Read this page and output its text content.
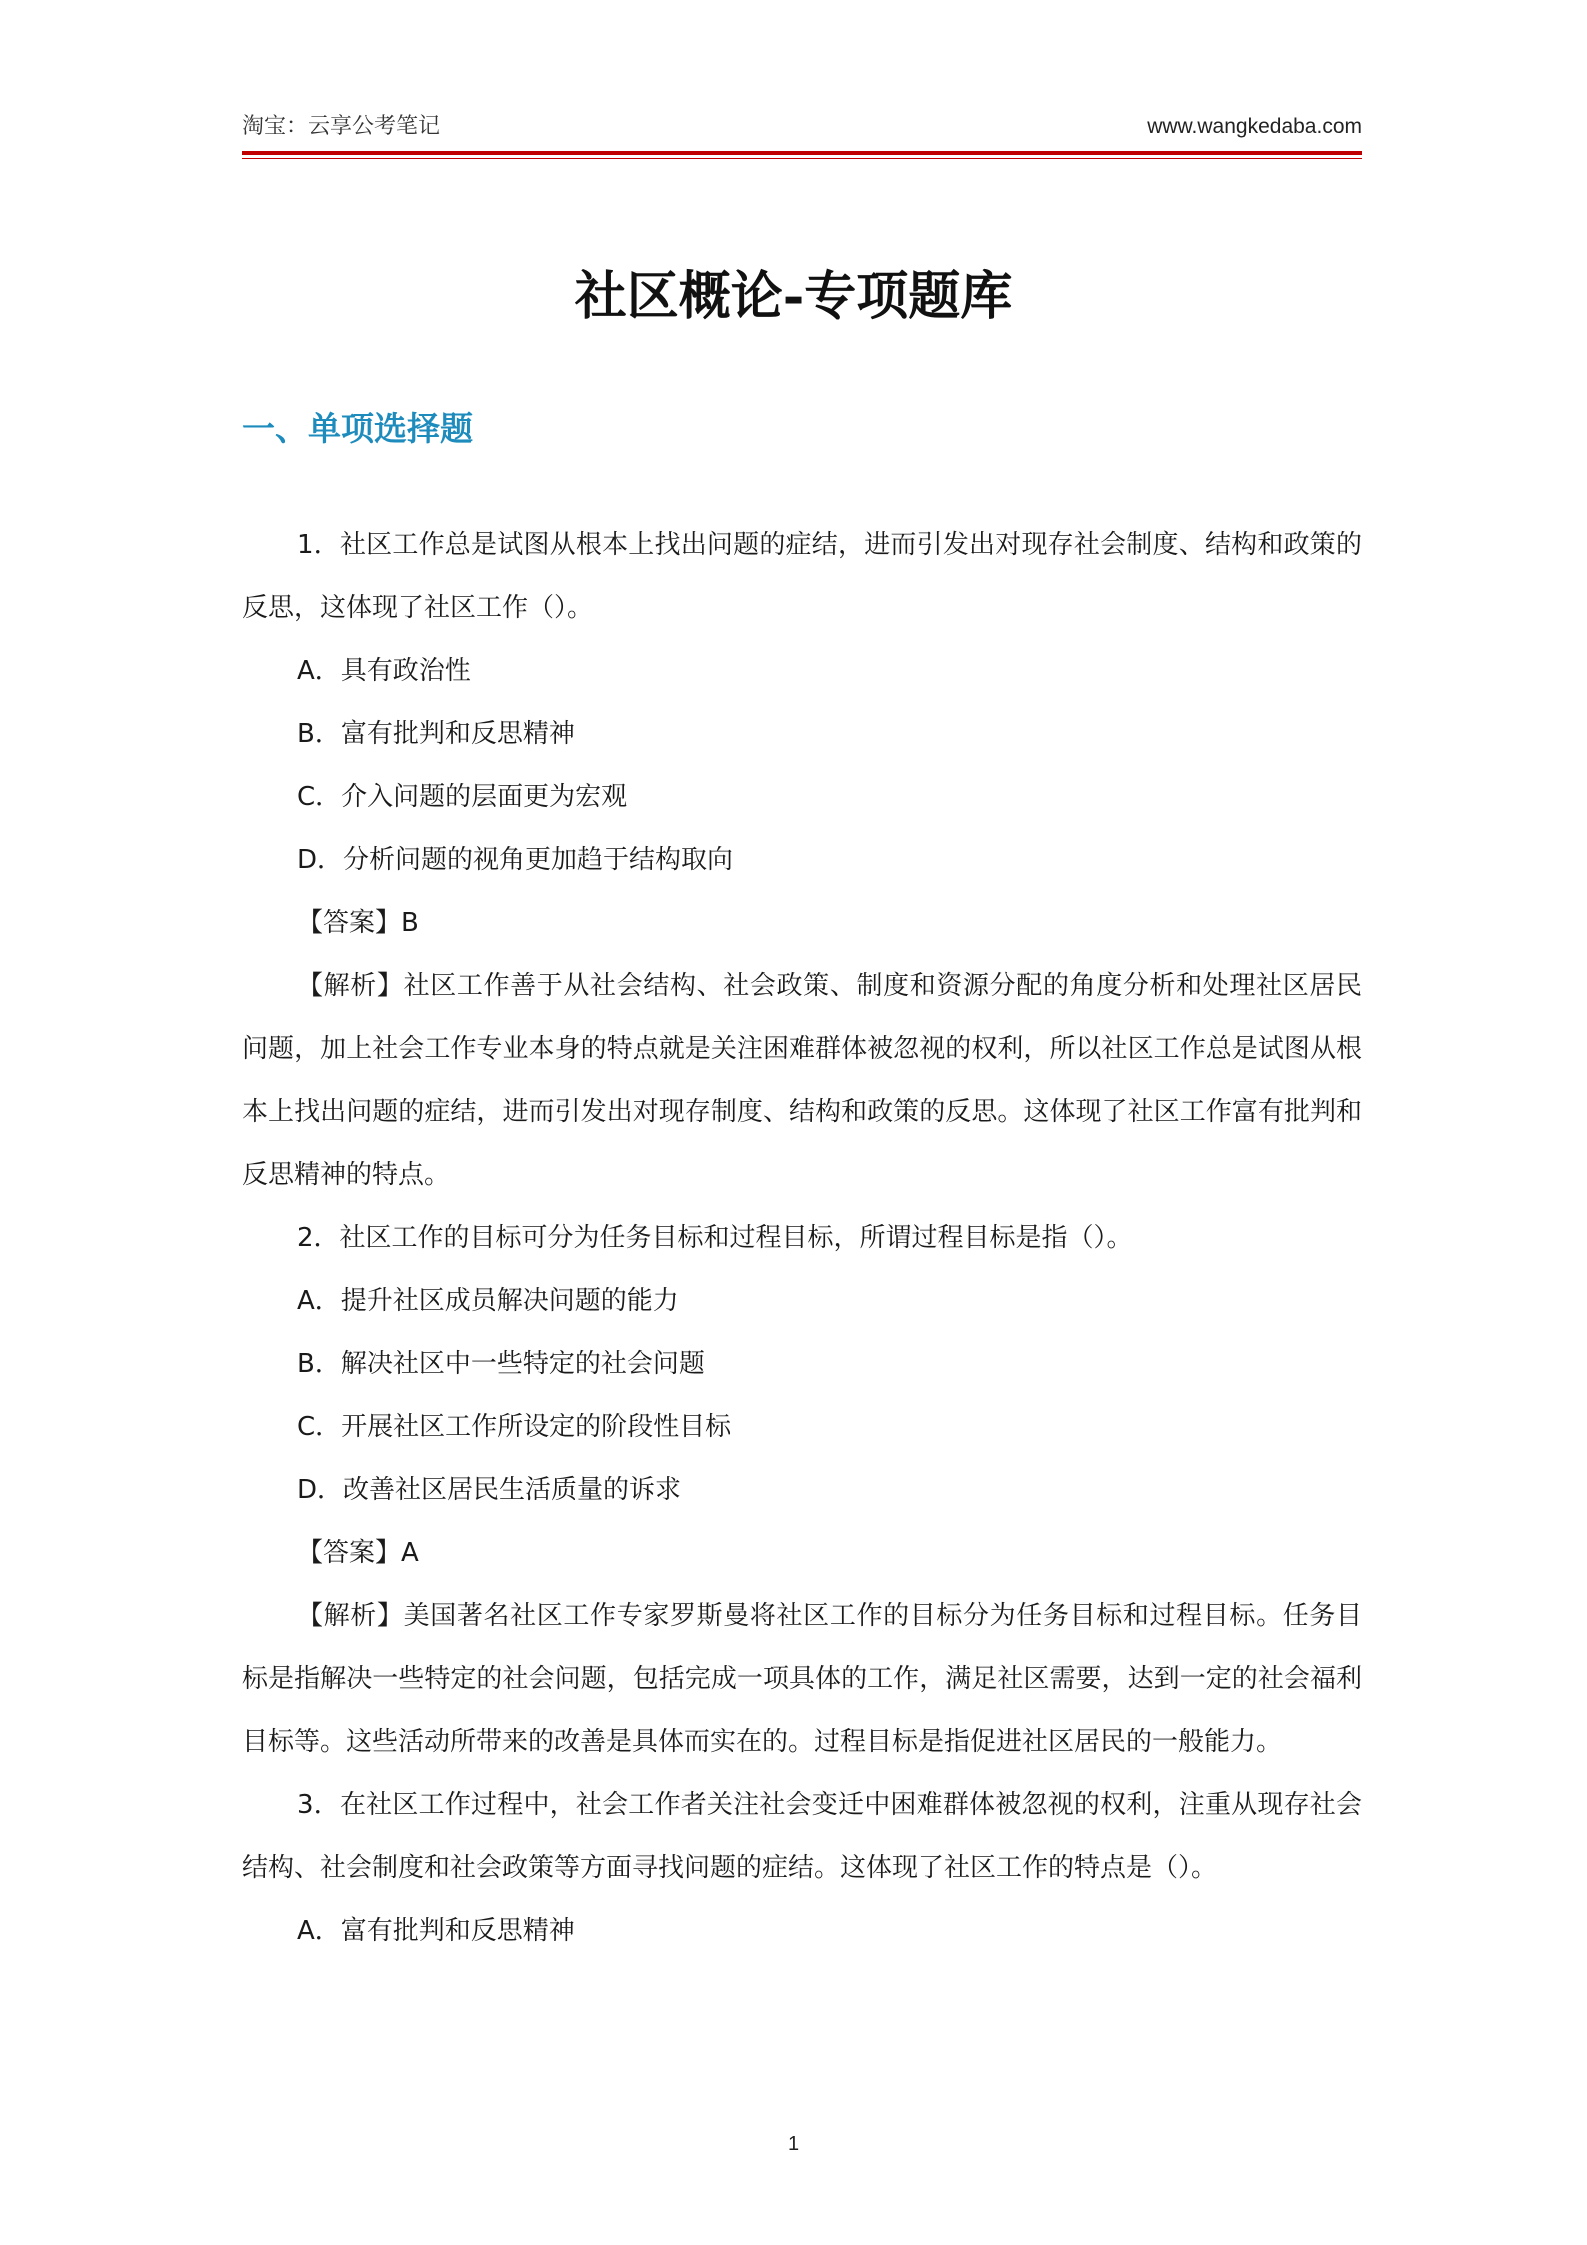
淘宝：云享公考笔记	www.wangkedaba.com
社区概论-专项题库
一、单项选择题

1．社区工作总是试图从根本上找出问题的症结，进而引发出对现存社会制度、结构和政策的反思，这体现了社区工作（）。

A．具有政治性

B．富有批判和反思精神

C．介入问题的层面更为宏观

D．分析问题的视角更加趋于结构取向

【答案】B

【解析】社区工作善于从社会结构、社会政策、制度和资源分配的角度分析和处理社区居民问题，加上社会工作专业本身的特点就是关注困难群体被忽视的权利，所以社区工作总是试图从根本上找出问题的症结，进而引发出对现存制度、结构和政策的反思。这体现了社区工作富有批判和反思精神的特点。

2．社区工作的目标可分为任务目标和过程目标，所谓过程目标是指（）。

A．提升社区成员解决问题的能力

B．解决社区中一些特定的社会问题

C．开展社区工作所设定的阶段性目标

D．改善社区居民生活质量的诉求

【答案】A

【解析】美国著名社区工作专家罗斯曼将社区工作的目标分为任务目标和过程目标。任务目标是指解决一些特定的社会问题，包括完成一项具体的工作，满足社区需要，达到一定的社会福利目标等。这些活动所带来的改善是具体而实在的。过程目标是指促进社区居民的一般能力。

3．在社区工作过程中，社会工作者关注社会变迁中困难群体被忽视的权利，注重从现存社会结构、社会制度和社会政策等方面寻找问题的症结。这体现了社区工作的特点是（）。

A．富有批判和反思精神

1
